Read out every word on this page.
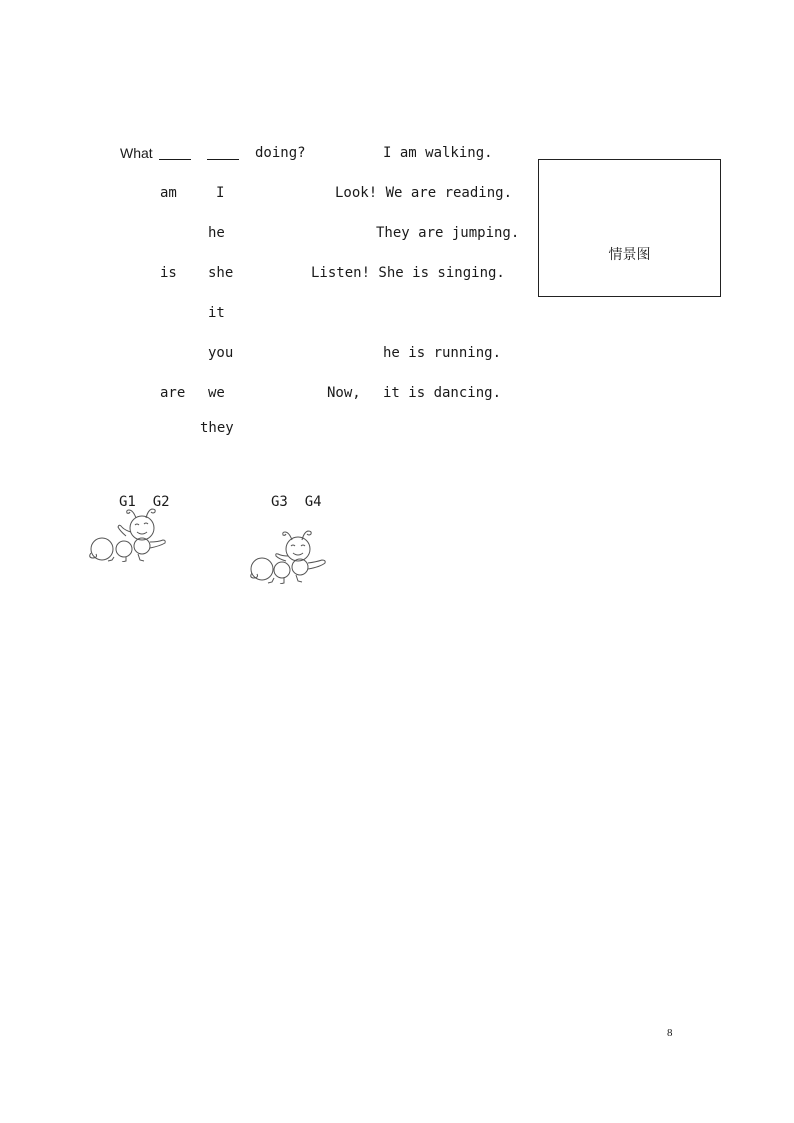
What	doing?	I am walking.
am	I	Look! We are reading.
he	They are jumping.
is she	Listen! She is singing.
it
you	he is running.
are we	Now, it is dancing.
they
情景图
G1  G2	G3  G4
8
